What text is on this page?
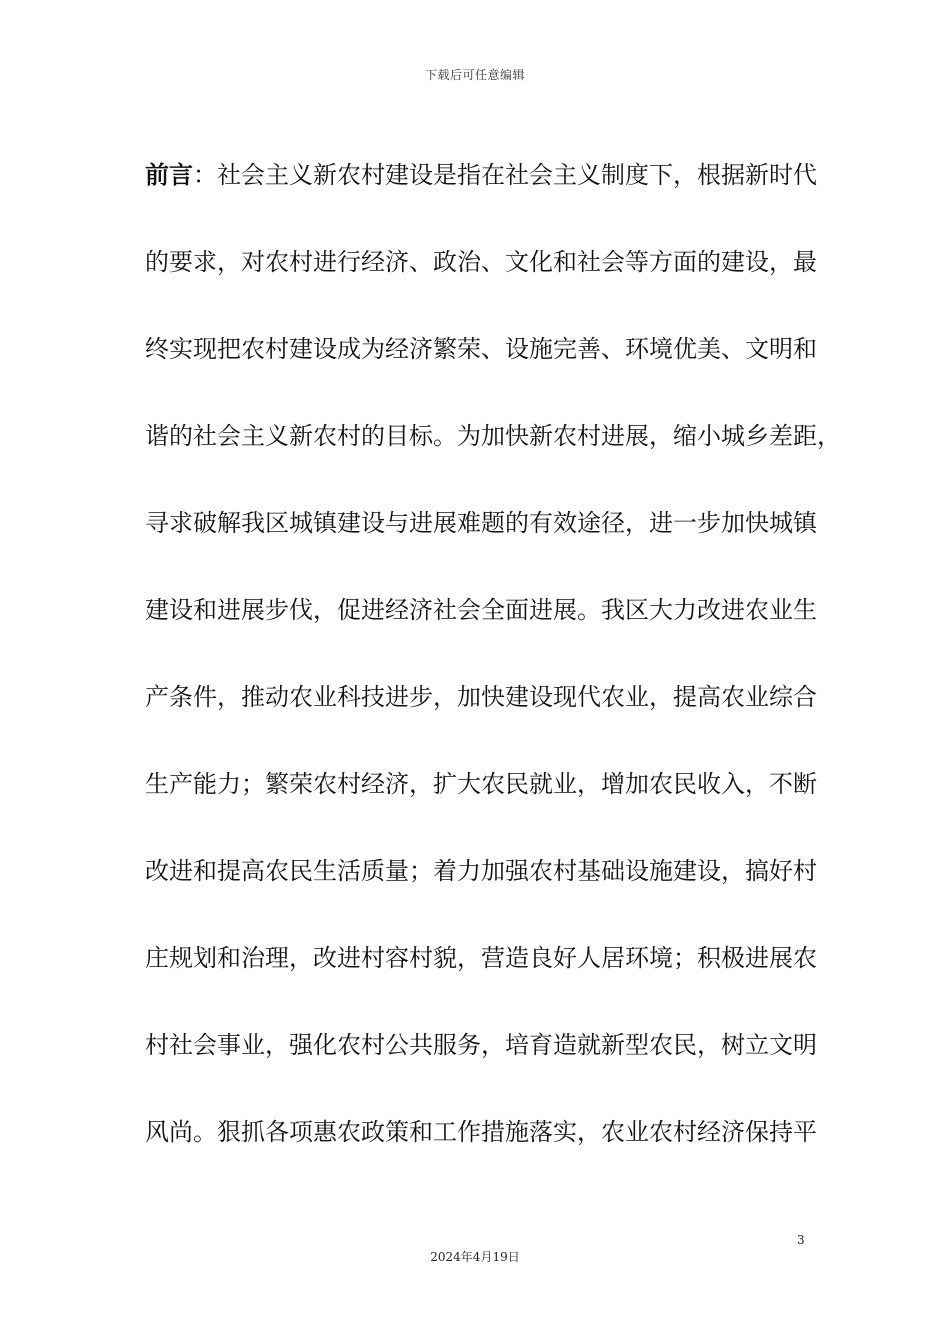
下载后可任意编辑
前言：社会主义新农村建设是指在社会主义制度下，根据新时代
的要求，对农村进行经济、政治、文化和社会等方面的建设，最
终实现把农村建设成为经济繁荣、设施完善、环境优美、文明和
谐的社会主义新农村的目标。为加快新农村进展，缩小城乡差距，
寻求破解我区城镇建设与进展难题的有效途径，进一步加快城镇
建设和进展步伐，促进经济社会全面进展。我区大力改进农业生
产条件，推动农业科技进步，加快建设现代农业，提高农业综合
生产能力；繁荣农村经济，扩大农民就业，增加农民收入，不断
改进和提高农民生活质量；着力加强农村基础设施建设，搞好村
庄规划和治理，改进村容村貌，营造良好人居环境；积极进展农
村社会事业，强化农村公共服务，培育造就新型农民，树立文明
风尚。狠抓各项惠农政策和工作措施落实，农业农村经济保持平
3
2024年4月19日
